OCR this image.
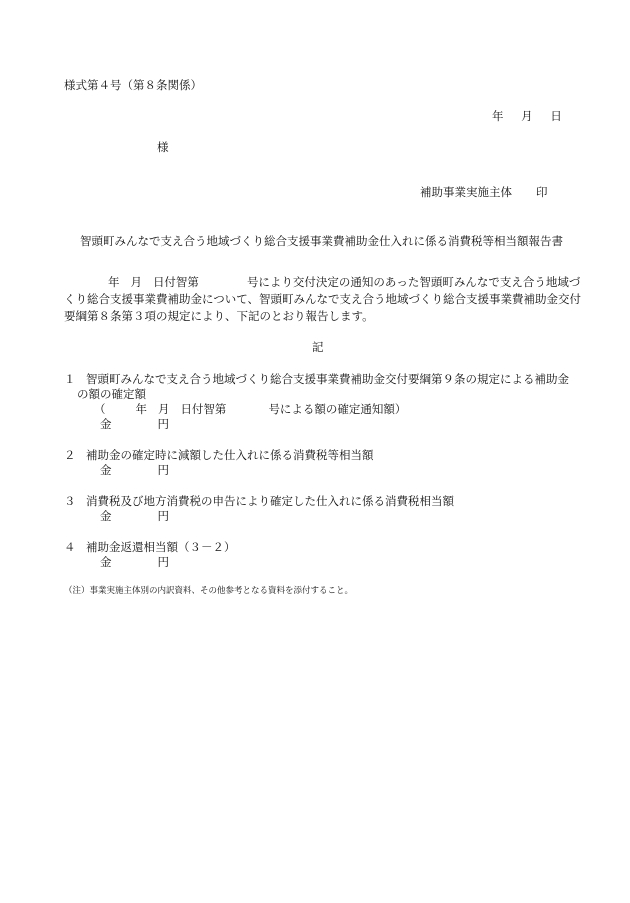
様式第４号（第８条関係）
年 月 日
様
補助事業実施主体 印
智頭町みんなで支え合う地域づくり総合支援事業費補助金仕入れに係る消費税等相当額報告書
年 月 日付智第	号により交付決定の通知のあった智頭町みんなで支え合う地域づくり総合支援事業費補助金について、智頭町みんなで支え合う地域づくり総合支援事業費補助金交付要綱第８条第３項の規定により、下記のとおり報告します。
記
１ 智頭町みんなで支え合う地域づくり総合支援事業費補助金交付要綱第９条の規定による補助金
の額の確定額
（	年 月 日付智第	号による額の確定通知額）
金	円
２ 補助金の確定時に減額した仕入れに係る消費税等相当額
金	円
３ 消費税及び地方消費税の申告により確定した仕入れに係る消費税相当額
金	円
４ 補助金返還相当額（３－２）
金	円
（注）事業実施主体別の内訳資料、その他参考となる資料を添付すること。
